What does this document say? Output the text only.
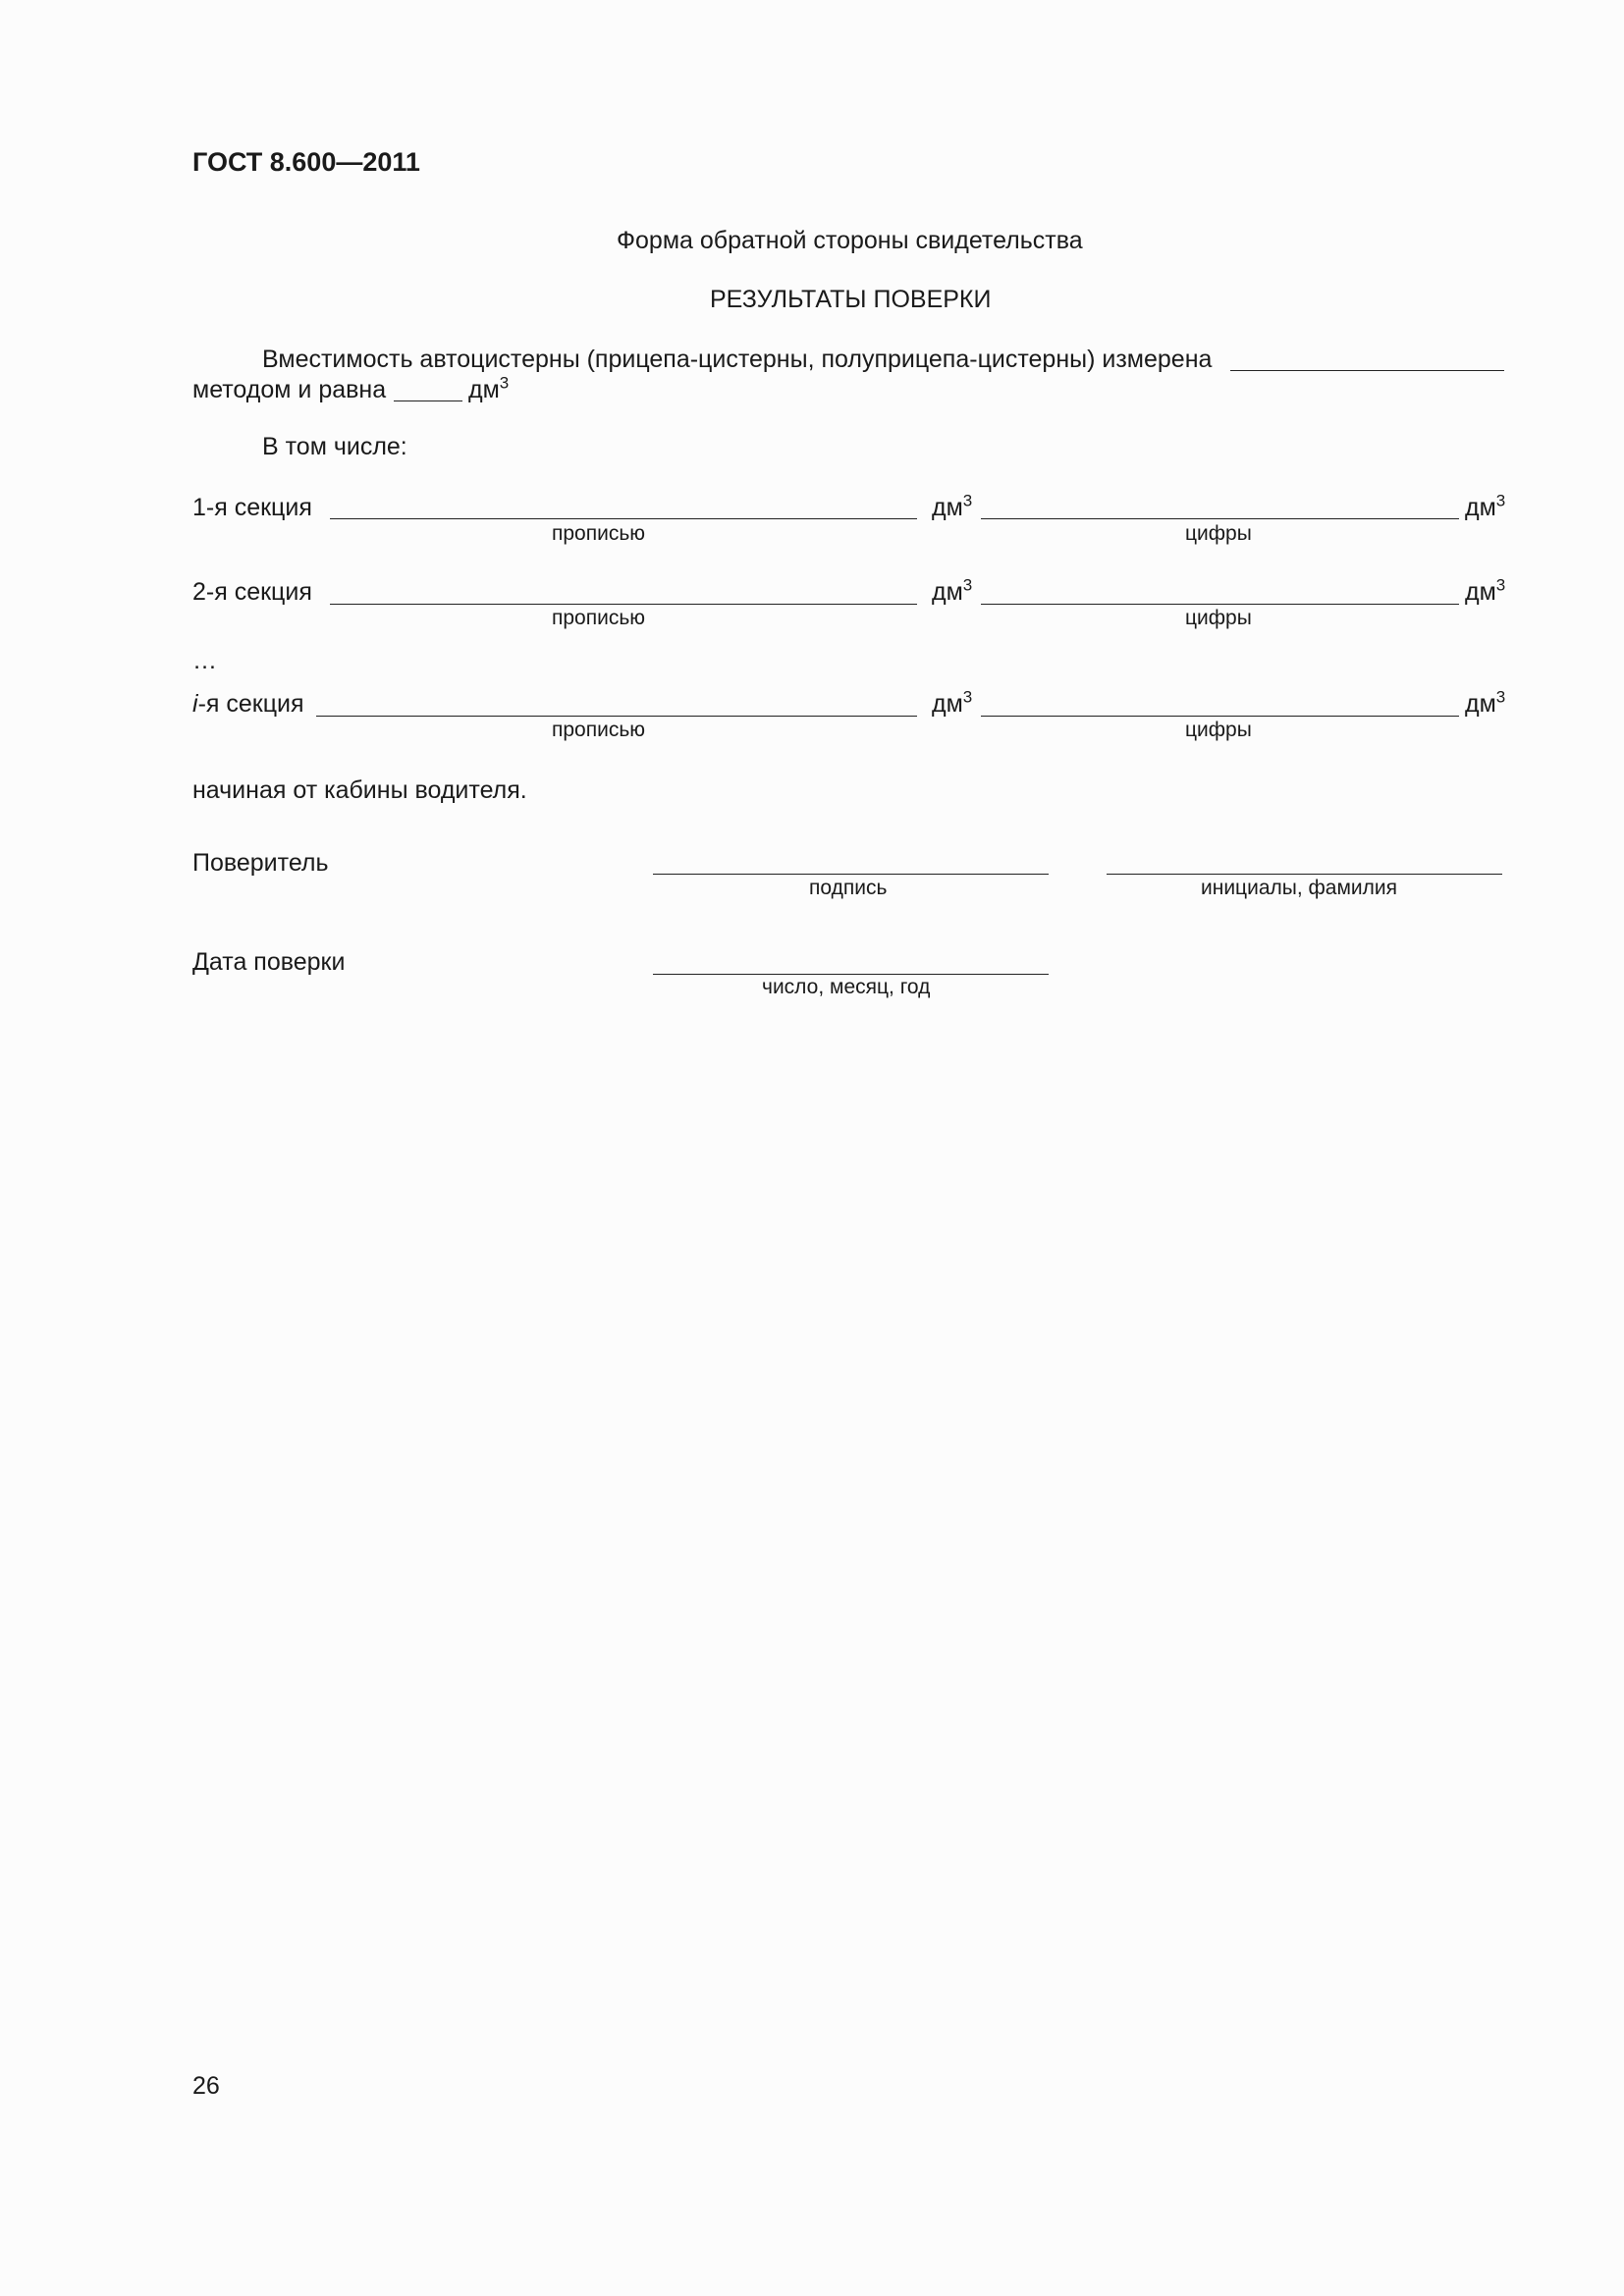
ГОСТ 8.600—2011
Форма обратной стороны свидетельства
РЕЗУЛЬТАТЫ ПОВЕРКИ
Вместимость автоцистерны (прицепа-цистерны, полуприцепа-цистерны) измерена
методом и равна	$дм^3$
В том числе:
1-я секция	$дм^3$	$дм^3$
прописью	цифры
2-я секция	$дм^3$	$дм^3$
прописью	цифры
…
i-я секция	$дм^3$	$дм^3$
прописью	цифры
начиная от кабины водителя.
Поверитель
подпись	инициалы, фамилия
Дата поверки
число, месяц, год
26
